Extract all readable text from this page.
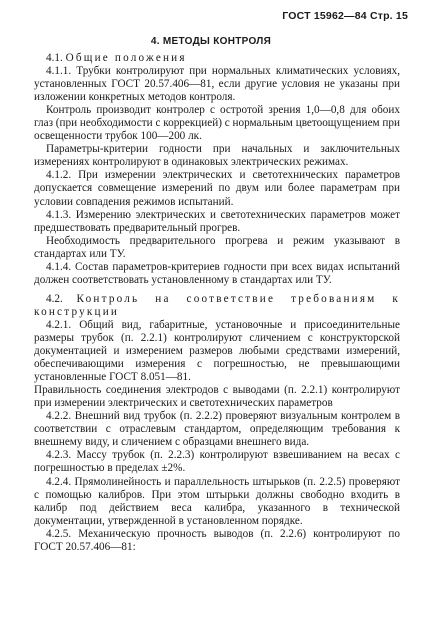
ГОСТ 15962—84 Стр. 15
4. МЕТОДЫ КОНТРОЛЯ

4.1. Общие положения

4.1.1. Трубки контролируют при нормальных климатических условиях, установленных ГОСТ 20.57.406—81, если другие условия не указаны при изложении конкретных методов контроля.

Контроль производит контролер с остротой зрения 1,0—0,8 для обоих глаз (при необходимости с коррекцией) с нормальным цветоощущением при освещенности трубок 100—200 лк.

Параметры-критерии годности при начальных и заключительных измерениях контролируют в одинаковых электрических режимах.

4.1.2. При измерении электрических и светотехнических параметров допускается совмещение измерений по двум или более параметрам при условии совпадения режимов испытаний.

4.1.3. Измерению электрических и светотехнических параметров может предшествовать предварительный прогрев.

Необходимость предварительного прогрева и режим указывают в стандартах или ТУ.

4.1.4. Состав параметров-критериев годности при всех видах испытаний должен соответствовать установленному в стандартах или ТУ.

4.2. Контроль на соответствие требованиям к конструкции

4.2.1. Общий вид, габаритные, установочные и присоединительные размеры трубок (п. 2.2.1) контролируют сличением с конструкторской документацией и измерением размеров любыми средствами измерений, обеспечивающими измерения с погрешностью, не превышающими установленные ГОСТ 8.051—81.

Правильность соединения электродов с выводами (п. 2.2.1) контролируют при измерении электрических и светотехнических параметров

4.2.2. Внешний вид трубок (п. 2.2.2) проверяют визуальным контролем в соответствии с отраслевым стандартом, определяющим требования к внешнему виду, и сличением с образцами внешнего вида.

4.2.3. Массу трубок (п. 2.2.3) контролируют взвешиванием на весах с погрешностью в пределах ±2%.

4.2.4. Прямолинейность и параллельность штырьков (п. 2.2.5) проверяют с помощью калибров. При этом штырьки должны свободно входить в калибр под действием веса калибра, указанного в технической документации, утвержденной в установленном порядке.

4.2.5. Механическую прочность выводов (п. 2.2.6) контролируют по ГОСТ 20.57.406—81:
